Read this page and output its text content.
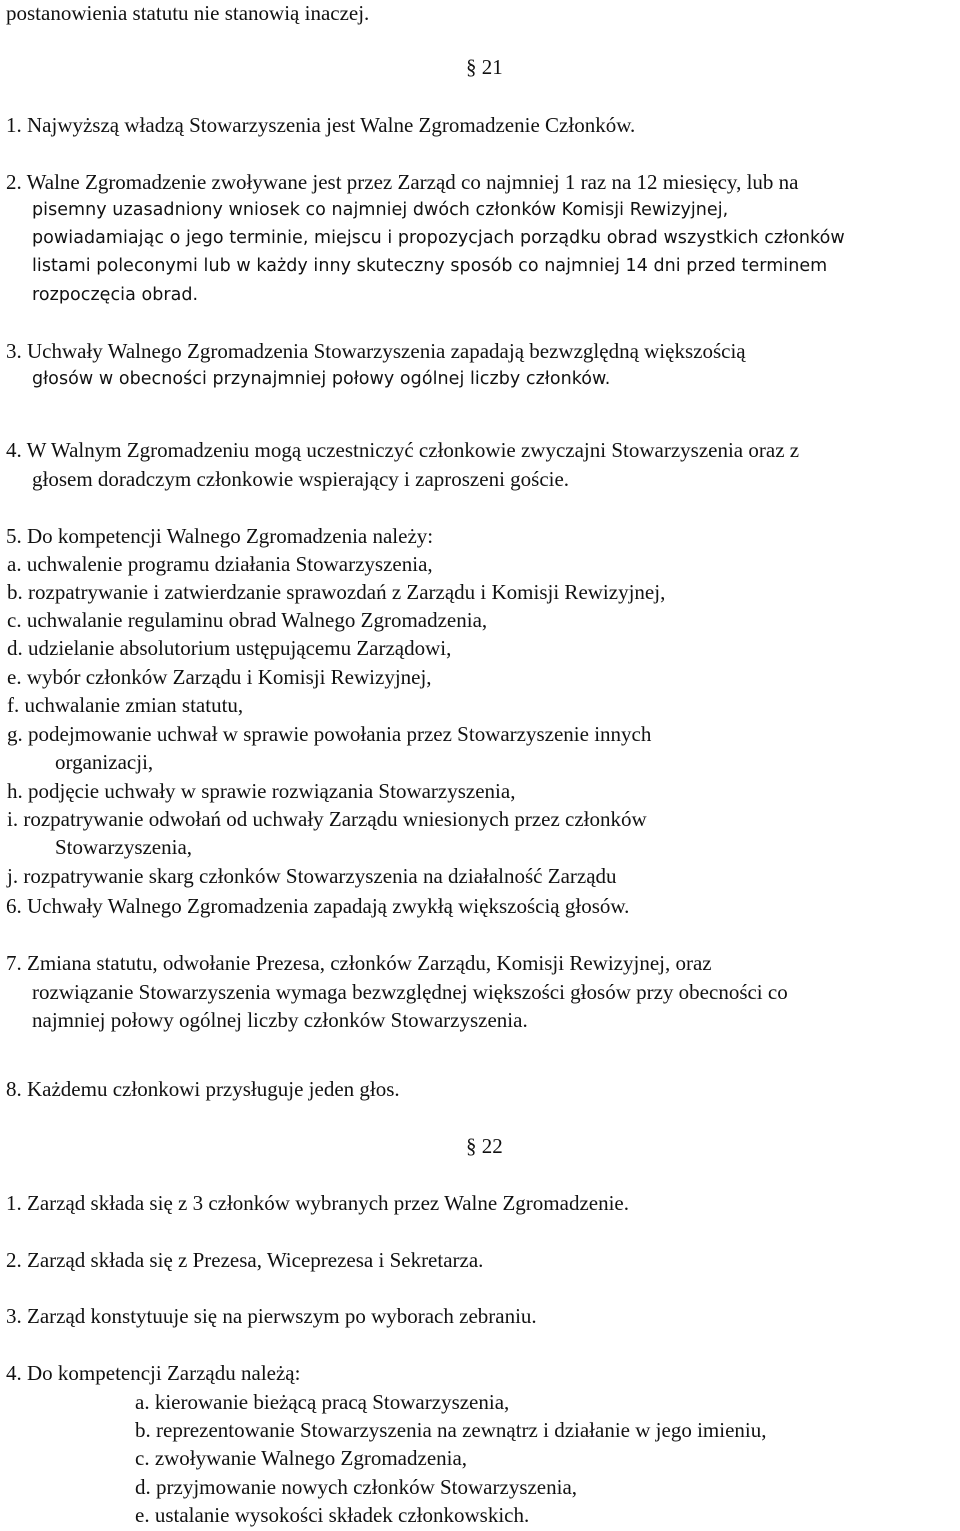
postanowienia statutu nie stanowią inaczej.
§ 21
1. Najwyższą władzą Stowarzyszenia jest Walne Zgromadzenie Członków.
2. Walne Zgromadzenie zwoływane jest przez Zarząd co najmniej 1 raz na 12 miesięcy, lub na
pisemny uzasadniony wniosek co najmniej dwóch członków Komisji Rewizyjnej,
powiadamiając o jego terminie, miejscu i propozycjach porządku obrad wszystkich członków
listami poleconymi lub w każdy inny skuteczny sposób co najmniej 14 dni przed terminem
rozpoczęcia obrad.
3. Uchwały Walnego Zgromadzenia Stowarzyszenia zapadają bezwzględną większością
głosów w obecności przynajmniej połowy ogólnej liczby członków.
4. W Walnym Zgromadzeniu mogą uczestniczyć członkowie zwyczajni Stowarzyszenia oraz z
głosem doradczym członkowie wspierający i zaproszeni goście.
5. Do kompetencji Walnego Zgromadzenia należy:
a. uchwalenie programu działania Stowarzyszenia,
b. rozpatrywanie i zatwierdzanie sprawozdań z Zarządu i Komisji Rewizyjnej,
c. uchwalanie regulaminu obrad Walnego Zgromadzenia,
d. udzielanie absolutorium ustępującemu Zarządowi,
e. wybór członków Zarządu i Komisji Rewizyjnej,
f. uchwalanie zmian statutu,
g. podejmowanie uchwał w sprawie powołania przez Stowarzyszenie innych
organizacji,
h. podjęcie uchwały w sprawie rozwiązania Stowarzyszenia,
i. rozpatrywanie odwołań od uchwały Zarządu wniesionych przez członków
Stowarzyszenia,
j. rozpatrywanie skarg członków Stowarzyszenia na działalność Zarządu
6. Uchwały Walnego Zgromadzenia zapadają zwykłą większością głosów.
7. Zmiana statutu, odwołanie Prezesa, członków Zarządu, Komisji Rewizyjnej, oraz
rozwiązanie Stowarzyszenia wymaga bezwzględnej większości głosów przy obecności co
najmniej połowy ogólnej liczby członków Stowarzyszenia.
8. Każdemu członkowi przysługuje jeden głos.
§ 22
1. Zarząd składa się z 3 członków wybranych przez Walne Zgromadzenie.
2. Zarząd składa się z Prezesa, Wiceprezesa i Sekretarza.
3. Zarząd konstytuuje się na pierwszym po wyborach zebraniu.
4. Do kompetencji Zarządu należą:
a. kierowanie bieżącą pracą Stowarzyszenia,
b. reprezentowanie Stowarzyszenia na zewnątrz i działanie w jego imieniu,
c. zwoływanie Walnego Zgromadzenia,
d. przyjmowanie nowych członków Stowarzyszenia,
e. ustalanie wysokości składek członkowskich.
